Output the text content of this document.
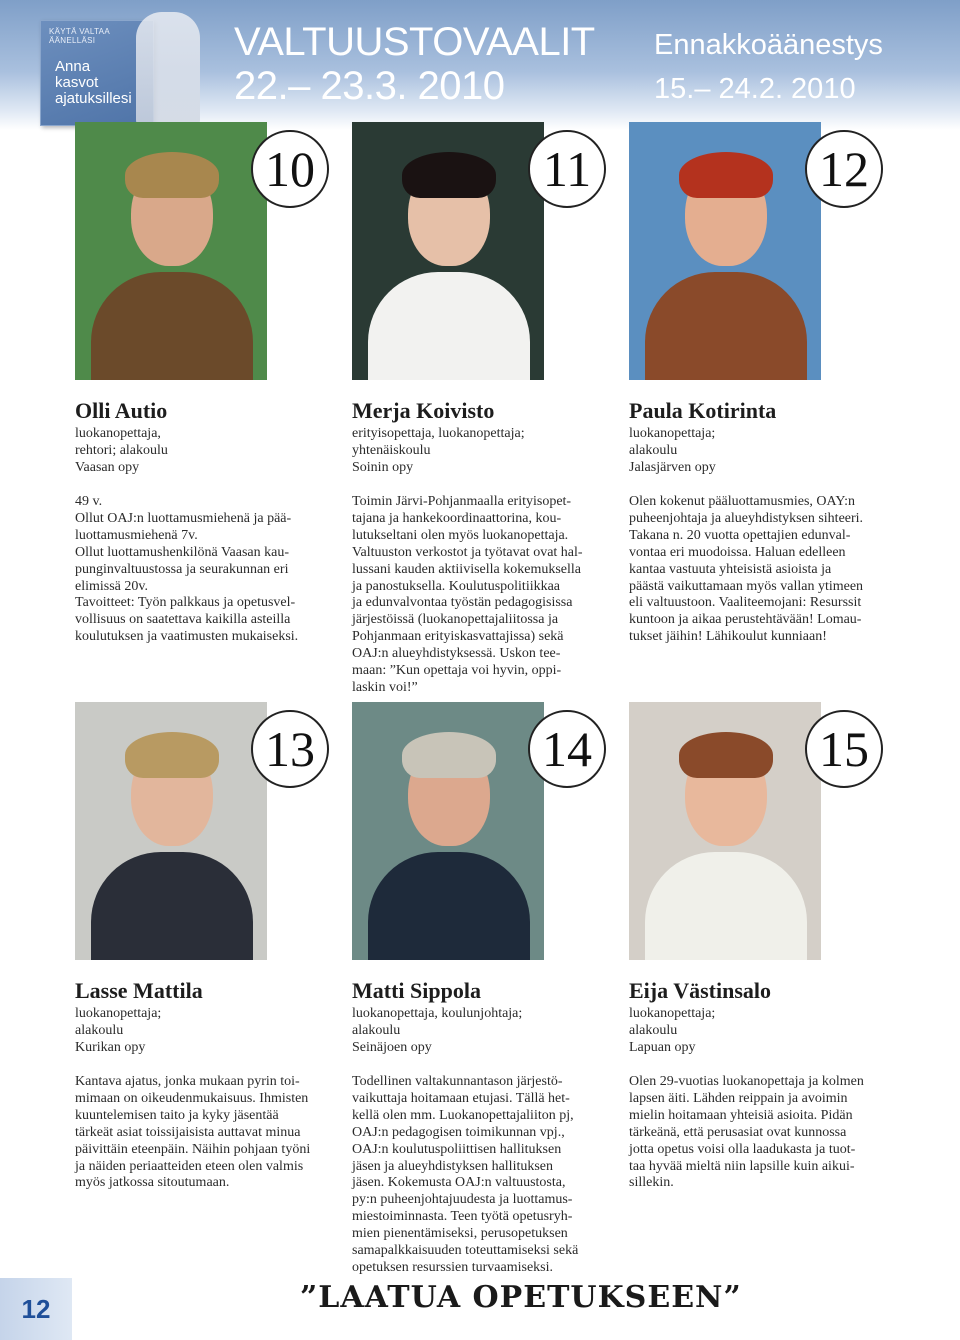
KÄYTÄ VALTAA ÄÄNELLÄSI
Anna
kasvot
ajatuksillesi
VALTUUSTOVAALIT
22.– 23.3. 2010
Ennakkoäänestys
15.– 24.2. 2010
10
Olli Autio
luokanopettaja,
rehtori; alakoulu
Vaasan opy
49 v.
Ollut OAJ:n luottamusmiehenä ja pää-
luottamusmiehenä 7v.
Ollut luottamushenkilönä Vaasan kau-
punginvaltuustossa ja seurakunnan eri
elimissä 20v.
Tavoitteet: Työn palkkaus ja opetusvel-
vollisuus on saatettava kaikilla asteilla
koulutuksen ja vaatimusten mukaiseksi.
11
Merja Koivisto
erityisopettaja, luokanopettaja;
yhtenäiskoulu
Soinin opy
Toimin Järvi-Pohjanmaalla erityisopet-
tajana ja hankekoordinaattorina, kou-
lutukseltani olen myös luokanopettaja.
Valtuuston verkostot ja työtavat ovat hal-
lussani kauden aktiivisella kokemuksella
ja panostuksella. Koulutuspolitiikkaa
ja edunvalvontaa työstän pedagogisissa
järjestöissä (luokanopettajaliitossa ja
Pohjanmaan erityiskasvattajissa) sekä
OAJ:n alueyhdistyksessä. Uskon tee-
maan: ”Kun opettaja voi hyvin, oppi-
laskin voi!”
12
Paula Kotirinta
luokanopettaja;
alakoulu
Jalasjärven opy
Olen kokenut pääluottamusmies, OAY:n
puheenjohtaja ja alueyhdistyksen sihteeri.
Takana n. 20 vuotta opettajien edunval-
vontaa eri muodoissa. Haluan edelleen
kantaa vastuuta yhteisistä asioista ja
päästä vaikuttamaan myös vallan ytimeen
eli valtuustoon. Vaaliteemojani: Resurssit
kuntoon ja aikaa perustehtävään! Lomau-
tukset jäihin! Lähikoulut kunniaan!
13
Lasse Mattila
luokanopettaja;
alakoulu
Kurikan opy
Kantava ajatus, jonka mukaan pyrin toi-
mimaan on oikeudenmukaisuus. Ihmisten
kuuntelemisen taito ja kyky jäsentää
tärkeät asiat toissijaisista auttavat minua
päivittäin eteenpäin. Näihin pohjaan työni
ja näiden periaatteiden eteen olen valmis
myös jatkossa sitoutumaan.
14
Matti Sippola
luokanopettaja, koulunjohtaja;
alakoulu
Seinäjoen opy
Todellinen valtakunnantason järjestö-
vaikuttaja hoitamaan etujasi. Tällä het-
kellä olen mm. Luokanopettajaliiton pj,
OAJ:n pedagogisen toimikunnan vpj.,
OAJ:n koulutuspoliittisen hallituksen
jäsen ja alueyhdistyksen hallituksen
jäsen. Kokemusta OAJ:n valtuustosta,
py:n puheenjohtajuudesta ja luottamus-
miestoiminnasta. Teen työtä opetusryh-
mien pienentämiseksi, perusopetuksen
samapalkkaisuuden toteuttamiseksi sekä
opetuksen resurssien turvaamiseksi.
15
Eija Västinsalo
luokanopettaja;
alakoulu
Lapuan opy
Olen 29-vuotias luokanopettaja ja kolmen
lapsen äiti. Lähden reippain ja avoimin
mielin hoitamaan yhteisiä asioita. Pidän
tärkeänä, että perusasiat ovat kunnossa
jotta opetus voisi olla laadukasta ja tuot-
taa hyvää mieltä niin lapsille kuin aikui-
sillekin.
12	”LAATUA OPETUKSEEN”
